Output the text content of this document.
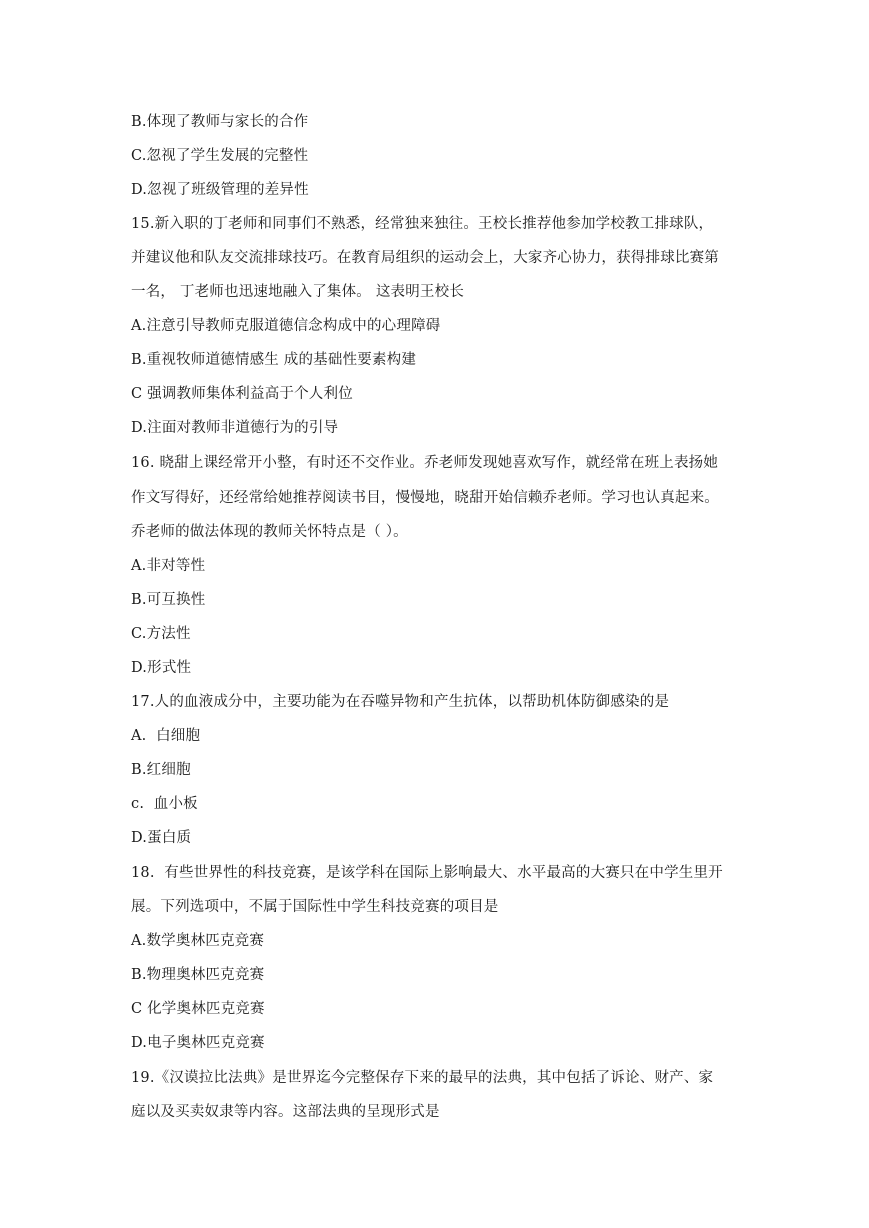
B.体现了教师与家长的合作
C.忽视了学生发展的完整性
D.忽视了班级管理的差异性
15.新入职的丁老师和同事们不熟悉，经常独来独往。王校长推荐他参加学校教工排球队，
并建议他和队友交流排球技巧。在教育局组织的运动会上，大家齐心协力，获得排球比赛第
一名， 丁老师也迅速地融入了集体。 这表明王校长
A.注意引导教师克服道德信念构成中的心理障碍
B.重视牧师道德情感生 成的基础性要素构建
C 强调教师集体利益高于个人利位
D.注面对教师非道德行为的引导
16. 晓甜上课经常开小整，有时还不交作业。乔老师发现她喜欢写作，就经常在班上表扬她
作文写得好，还经常给她推荐阅读书目，慢慢地，晓甜开始信赖乔老师。学习也认真起来。
乔老师的做法体现的教师关怀特点是（ ）。
A.非对等性
B.可互换性
C.方法性
D.形式性
17.人的血液成分中，主要功能为在吞噬异物和产生抗体，以帮助机体防御感染的是
A.  白细胞
B.红细胞
c.  血小板
D.蛋白质
18.  有些世界性的科技竞赛，是该学科在国际上影响最大、水平最高的大赛只在中学生里开
展。下列选项中，不属于国际性中学生科技竞赛的项目是
A.数学奥林匹克竞赛
B.物理奥林匹克竞赛
C 化学奥林匹克竞赛
D.电子奥林匹克竞赛
19.《汉谟拉比法典》是世界迄今完整保存下来的最早的法典，其中包括了诉论、财产、家
庭以及买卖奴隶等内容。这部法典的呈现形式是
